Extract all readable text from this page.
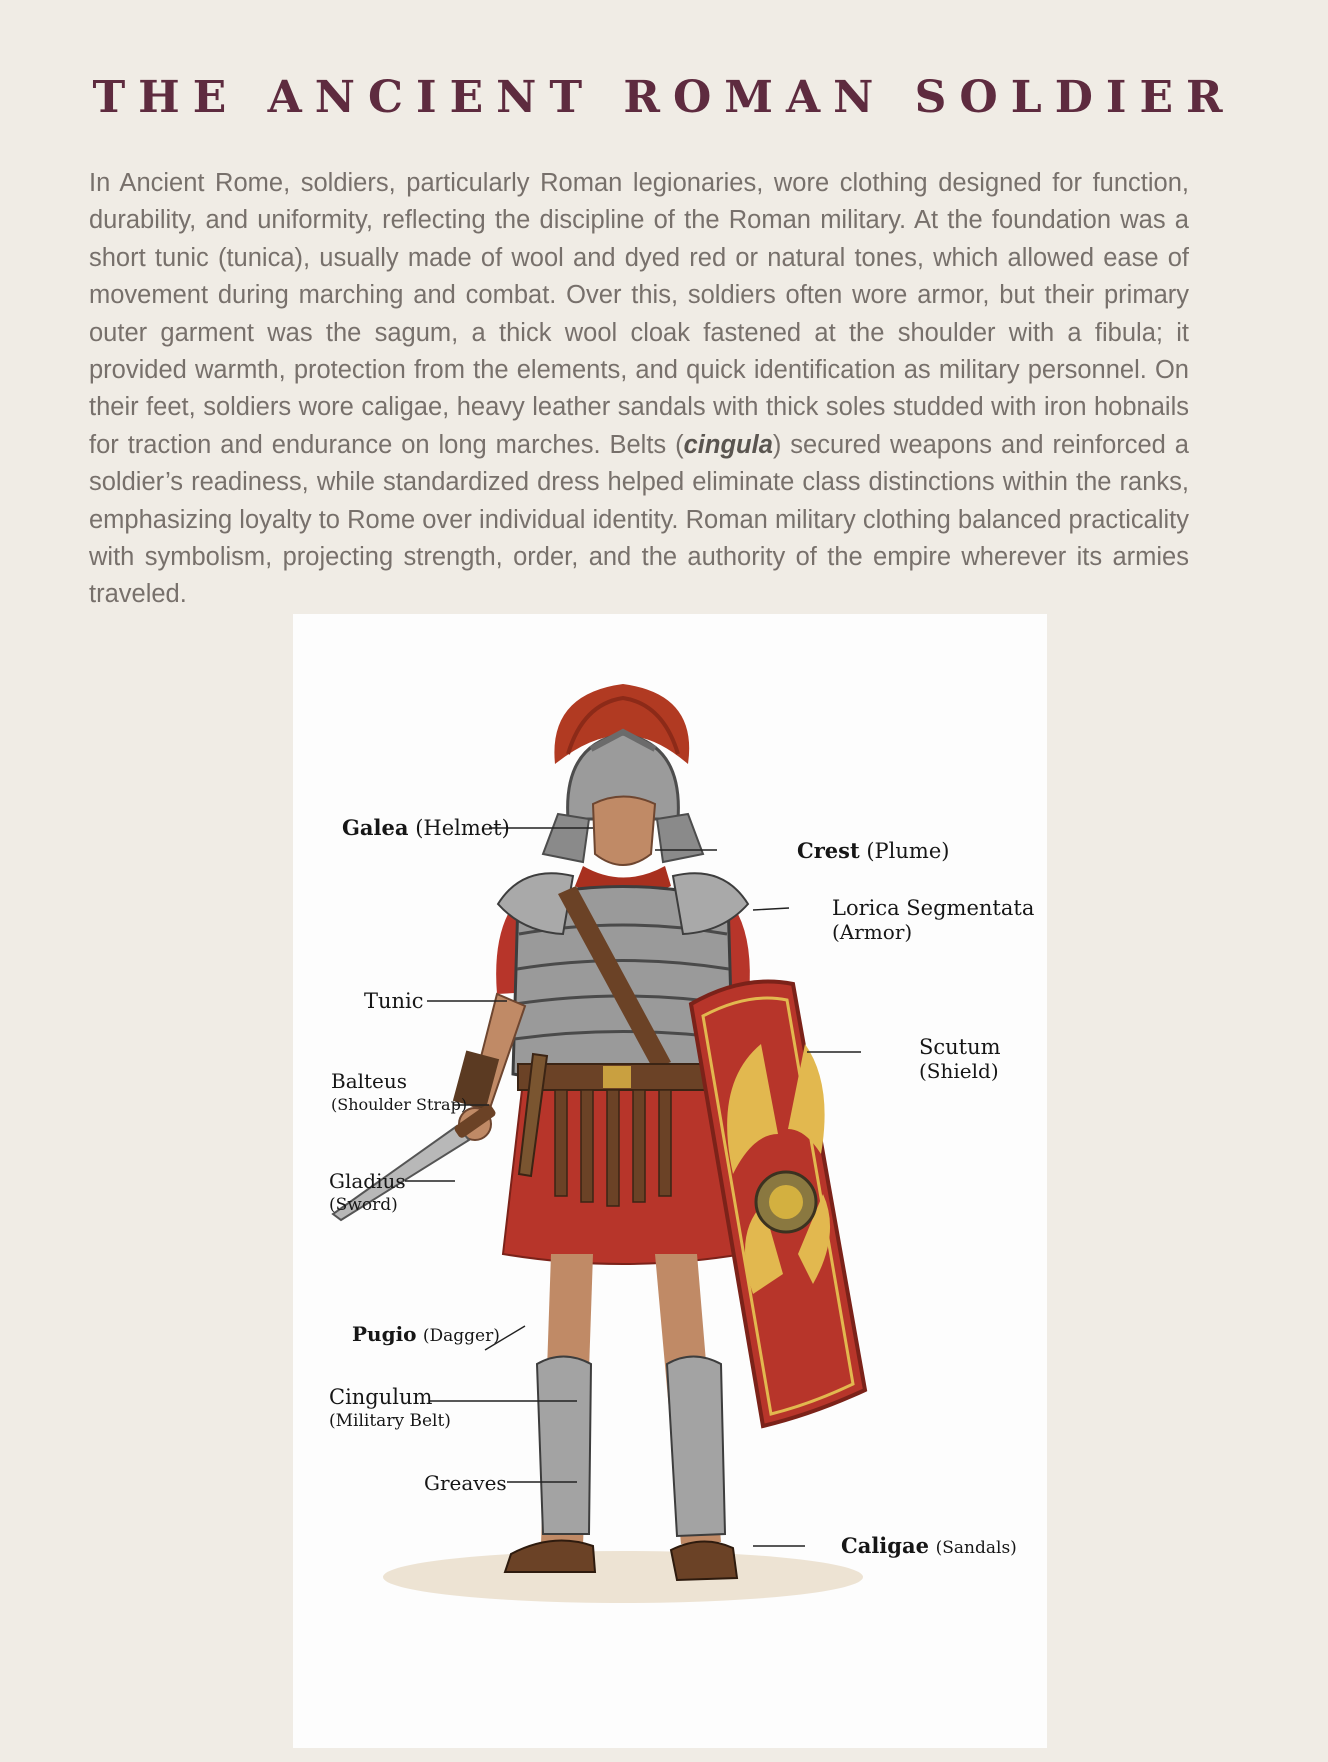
THE ANCIENT ROMAN SOLDIER

In Ancient Rome, soldiers, particularly Roman legionaries, wore clothing designed for function, durability, and uniformity, reflecting the discipline of the Roman military. At the foundation was a short tunic (tunica), usually made of wool and dyed red or natural tones, which allowed ease of movement during marching and combat. Over this, soldiers often wore armor, but their primary outer garment was the sagum, a thick wool cloak fastened at the shoulder with a fibula; it provided warmth, protection from the elements, and quick identification as military personnel. On their feet, soldiers wore caligae, heavy leather sandals with thick soles studded with iron hobnails for traction and endurance on long marches. Belts (cingula) secured weapons and reinforced a soldier’s readiness, while standardized dress helped eliminate class distinctions within the ranks, emphasizing loyalty to Rome over individual identity. Roman military clothing balanced practicality with symbolism, projecting strength, order, and the authority of the empire wherever its armies traveled.

Galea (Helmet)
Crest (Plume)
Lorica Segmentata
(Armor)
Tunic
Scutum
(Shield)
Balteus
(Shoulder Strap)
Gladius
(Sword)
Pugio (Dagger)
Cingulum
(Military Belt)
Greaves
Caligae (Sandals)
